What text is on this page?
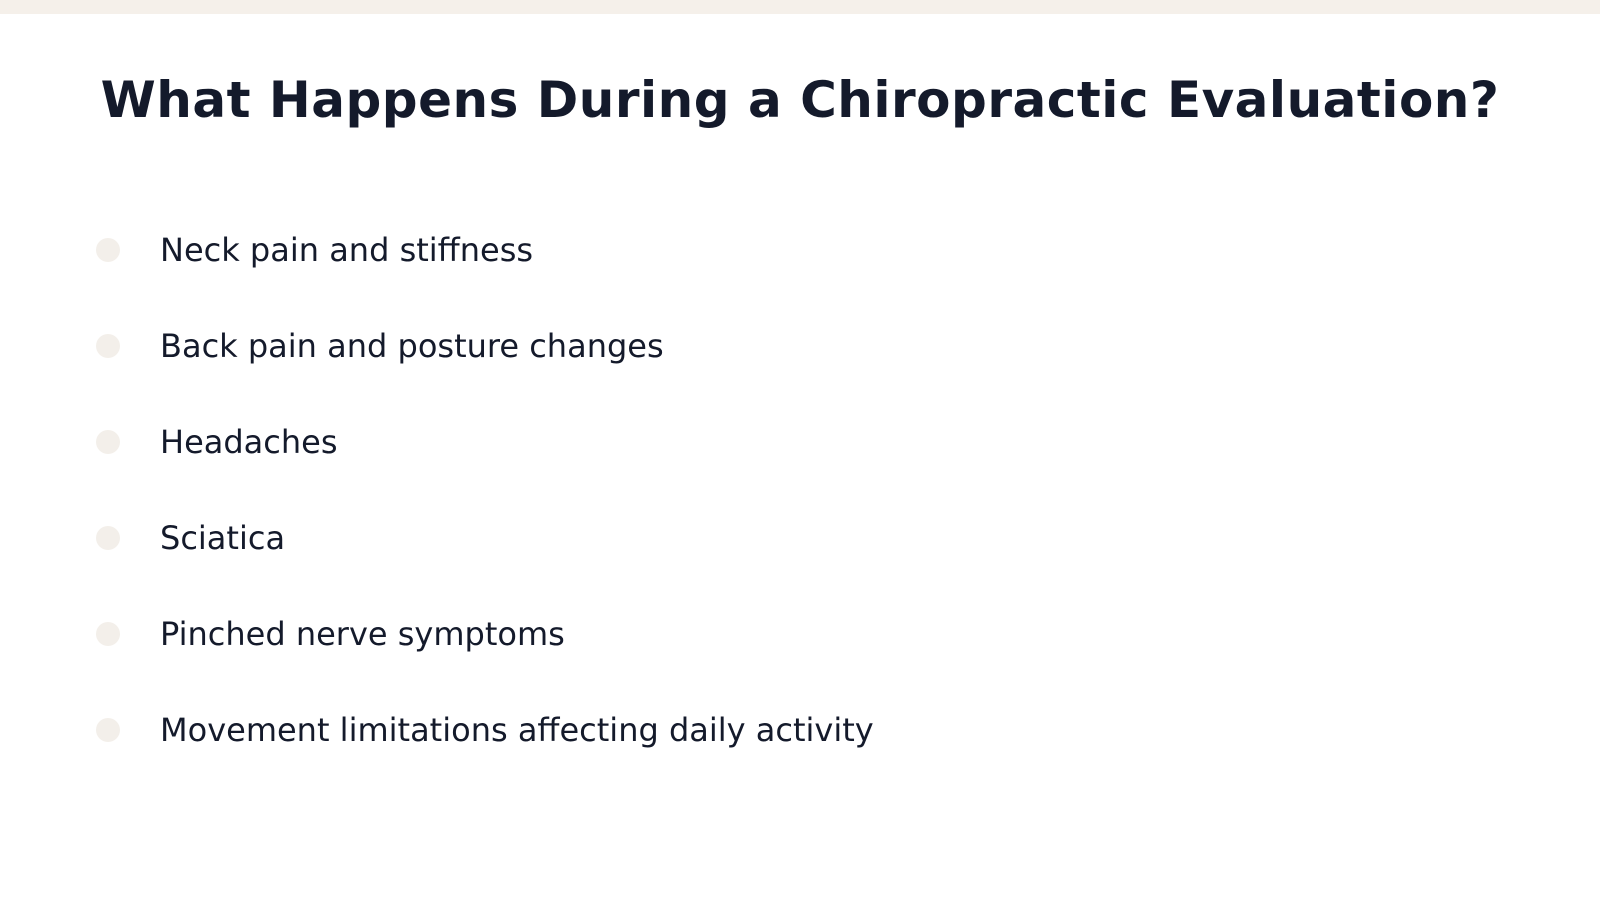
What Happens During a Chiropractic Evaluation?
Neck pain and stiffness
Back pain and posture changes
Headaches
Sciatica
Pinched nerve symptoms
Movement limitations affecting daily activity
